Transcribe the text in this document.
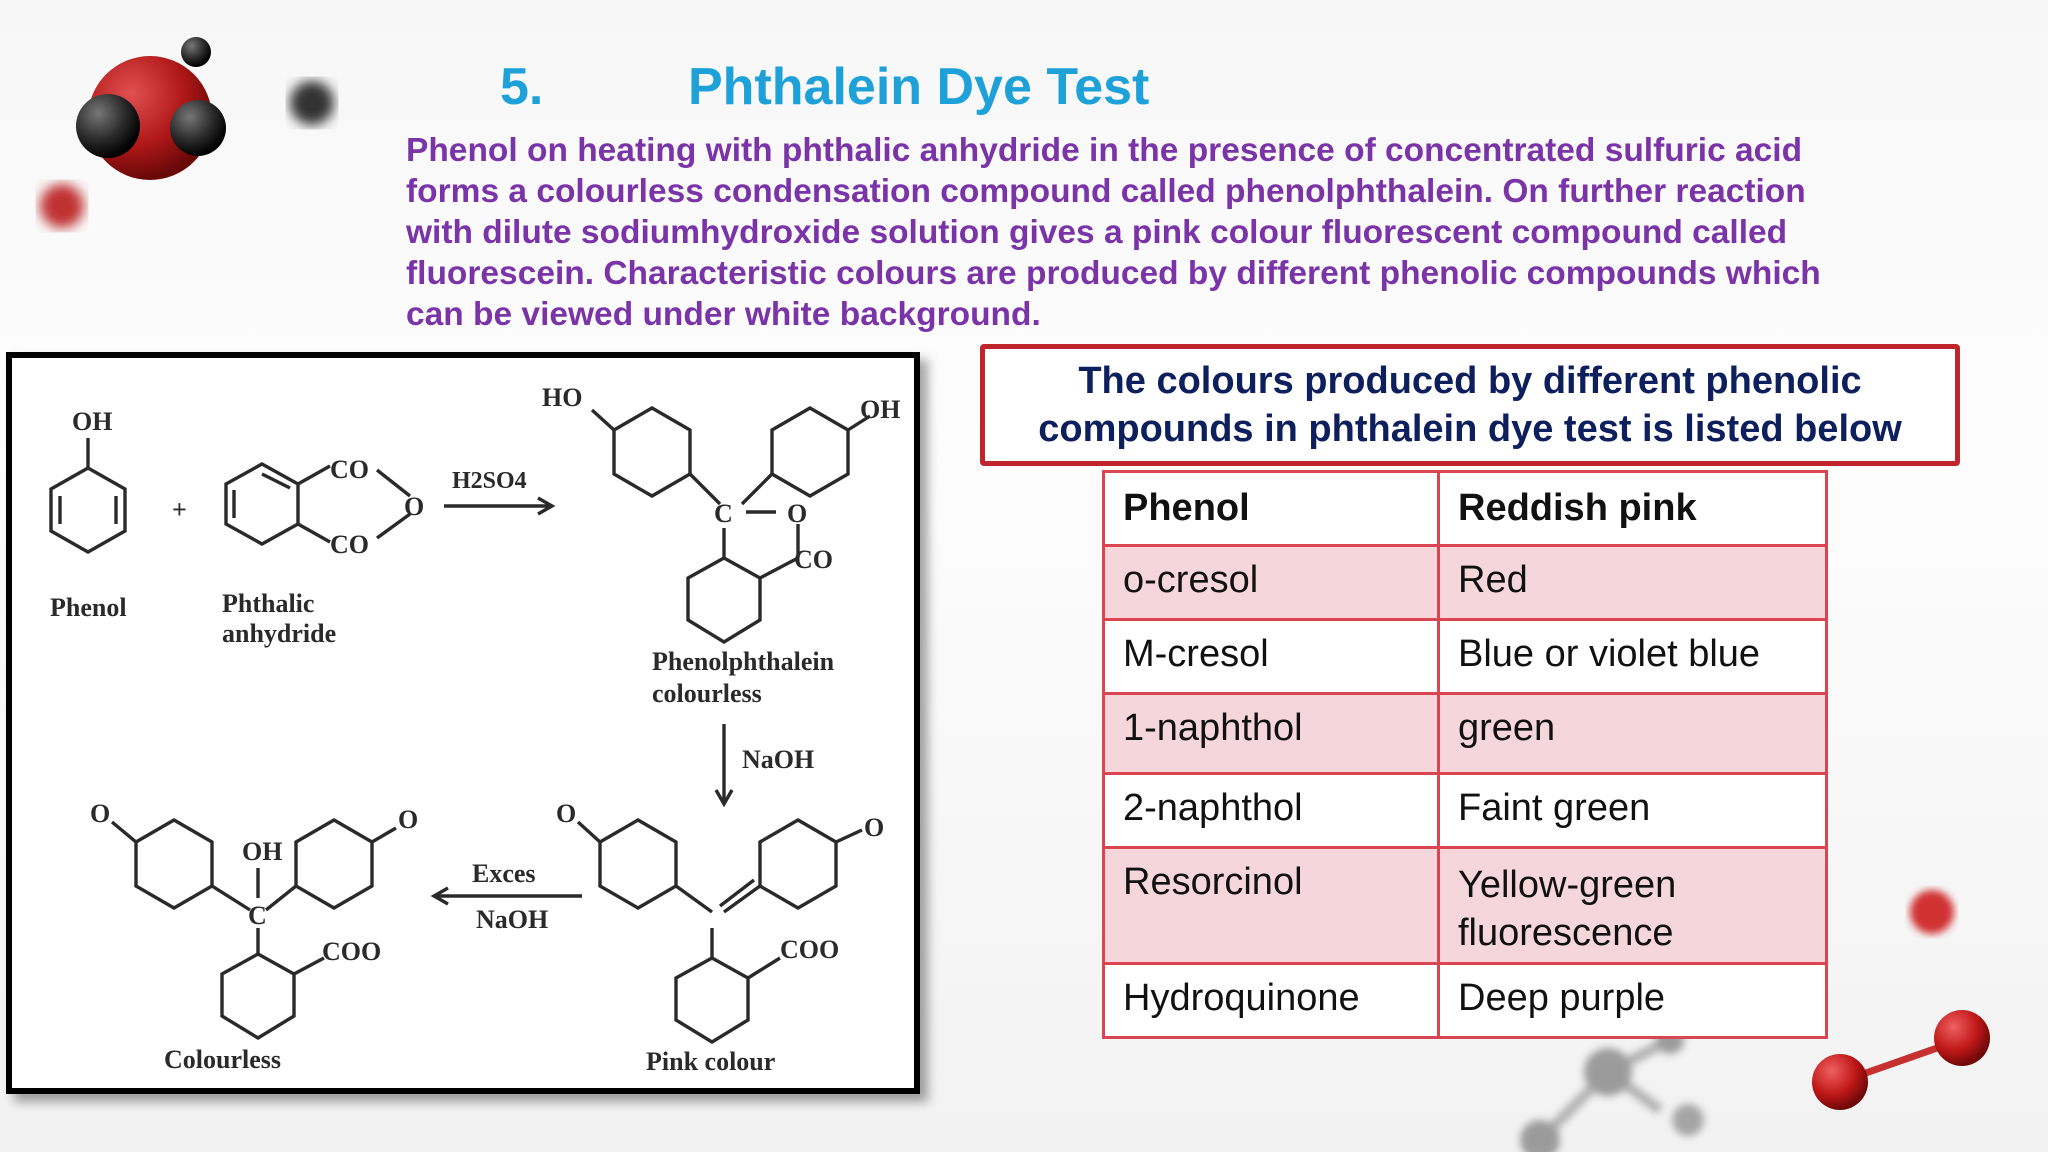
5.	Phthalein Dye Test
Phenol on heating with phthalic anhydride in the presence of concentrated sulfuric acid
forms a colourless condensation compound called phenolphthalein. On further reaction
with dilute sodiumhydroxide solution gives a pink colour fluorescent compound called
fluorescein. Characteristic colours are produced by different phenolic compounds which
can be viewed under white background.
OH
Phenol
+
CO
CO
O
Phthalic
anhydride
H2SO4
HO	OH
C O
CO
Phenolphthalein
colourless
NaOH
O	O
COO
Pink colour
Exces
NaOH
O	O
OH
C
COO
Colourless
The colours produced by different phenolic
compounds in phthalein dye test is listed below
Phenol	Reddish pink
o-cresol	Red
M-cresol	Blue or violet blue
1-naphthol	green
2-naphthol	Faint green
Resorcinol	Yellow-green fluorescence
Hydroquinone	Deep purple
